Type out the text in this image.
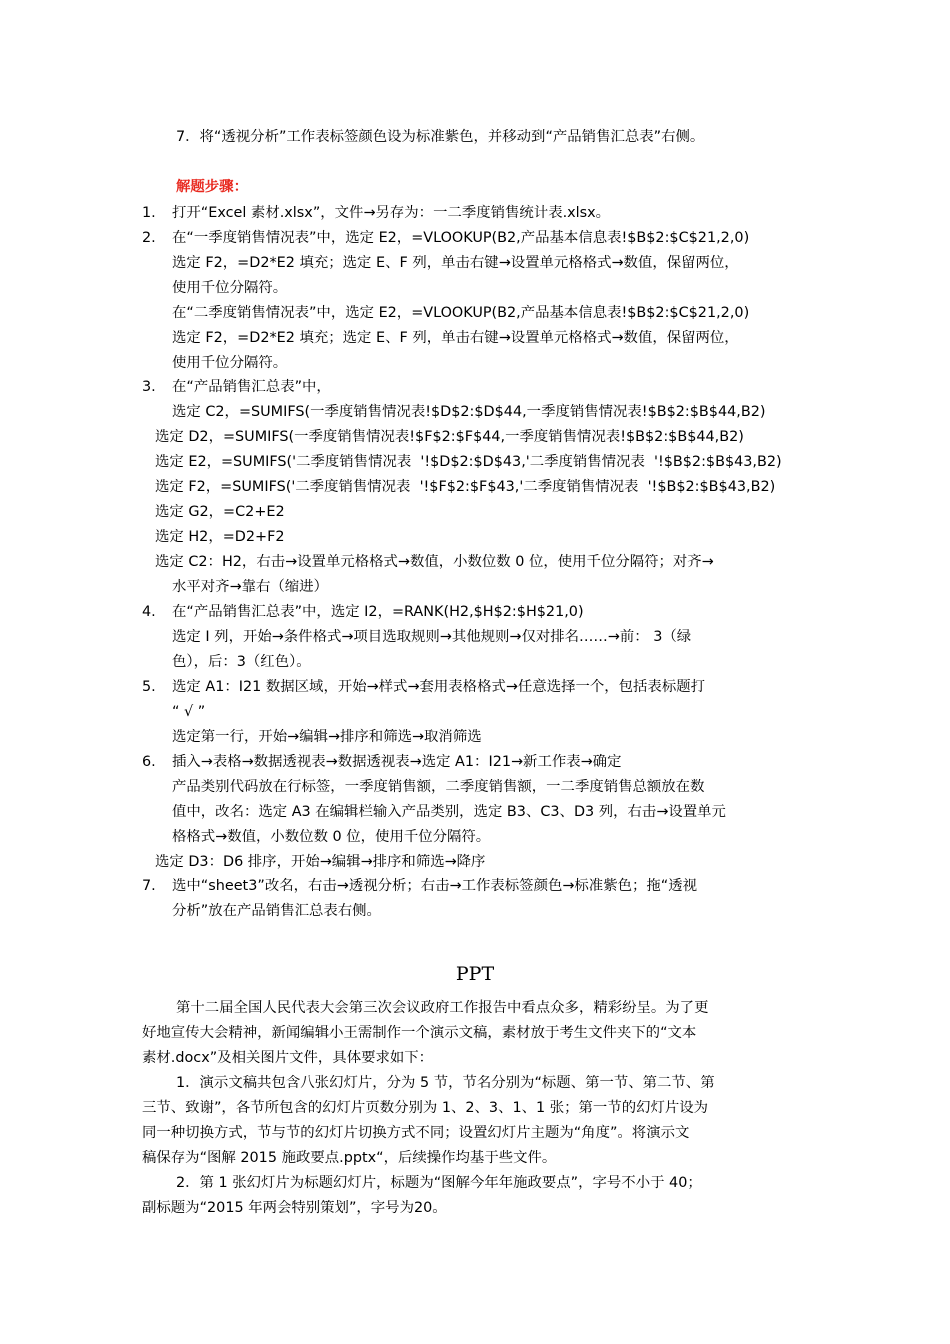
7．将“透视分析”工作表标签颜色设为标准紫色，并移动到“产品销售汇总表”右侧。
解题步骤：
1. 打开“Excel 素材.xlsx”，文件→另存为：一二季度销售统计表.xlsx。
2. 在“一季度销售情况表”中，选定 E2，=VLOOKUP(B2,产品基本信息表!$B$2:$C$21,2,0)
选定 F2，=D2*E2 填充；选定 E、F 列，单击右键→设置单元格格式→数值，保留两位，
使用千位分隔符。
在“二季度销售情况表”中，选定 E2，=VLOOKUP(B2,产品基本信息表!$B$2:$C$21,2,0)
选定 F2，=D2*E2 填充；选定 E、F 列，单击右键→设置单元格格式→数值，保留两位，
使用千位分隔符。
3. 在“产品销售汇总表”中，
选定 C2，=SUMIFS(一季度销售情况表!$D$2:$D$44,一季度销售情况表!$B$2:$B$44,B2)
选定 D2，=SUMIFS(一季度销售情况表!$F$2:$F$44,一季度销售情况表!$B$2:$B$44,B2)
选定 E2，=SUMIFS('二季度销售情况表  '!$D$2:$D$43,'二季度销售情况表  '!$B$2:$B$43,B2)
选定 F2，=SUMIFS('二季度销售情况表  '!$F$2:$F$43,'二季度销售情况表  '!$B$2:$B$43,B2)
选定 G2，=C2+E2
选定 H2，=D2+F2
选定 C2：H2，右击→设置单元格格式→数值，小数位数 0 位，使用千位分隔符；对齐→
水平对齐→靠右（缩进）
4. 在“产品销售汇总表”中，选定 I2，=RANK(H2,$H$2:$H$21,0)
选定 I 列，开始→条件格式→项目选取规则→其他规则→仅对排名……→前： 3（绿
色），后：3（红色）。
5. 选定 A1：I21 数据区域，开始→样式→套用表格格式→任意选择一个，包括表标题打
“ √ ”
选定第一行，开始→编辑→排序和筛选→取消筛选
6. 插入→表格→数据透视表→数据透视表→选定 A1：I21→新工作表→确定
产品类别代码放在行标签，一季度销售额，二季度销售额，一二季度销售总额放在数
值中，改名：选定 A3 在编辑栏输入产品类别，选定 B3、C3、D3 列，右击→设置单元
格格式→数值，小数位数 0 位，使用千位分隔符。
选定 D3：D6 排序，开始→编辑→排序和筛选→降序
7. 选中“sheet3”改名，右击→透视分析；右击→工作表标签颜色→标准紫色；拖“透视
分析”放在产品销售汇总表右侧。
PPT
第十二届全国人民代表大会第三次会议政府工作报告中看点众多，精彩纷呈。为了更
好地宣传大会精神，新闻编辑小王需制作一个演示文稿，素材放于考生文件夹下的“文本
素材.docx”及相关图片文件，具体要求如下：
1．演示文稿共包含八张幻灯片，分为 5 节，节名分别为“标题、第一节、第二节、第
三节、致谢”，各节所包含的幻灯片页数分别为 1、2、3、1、1 张；第一节的幻灯片设为
同一种切换方式，节与节的幻灯片切换方式不同；设置幻灯片主题为“角度”。将演示文
稿保存为“图解 2015 施政要点.pptx“，后续操作均基于些文件。
2．第 1 张幻灯片为标题幻灯片，标题为“图解今年年施政要点”，字号不小于 40；
副标题为“2015 年两会特别策划”，字号为20。
